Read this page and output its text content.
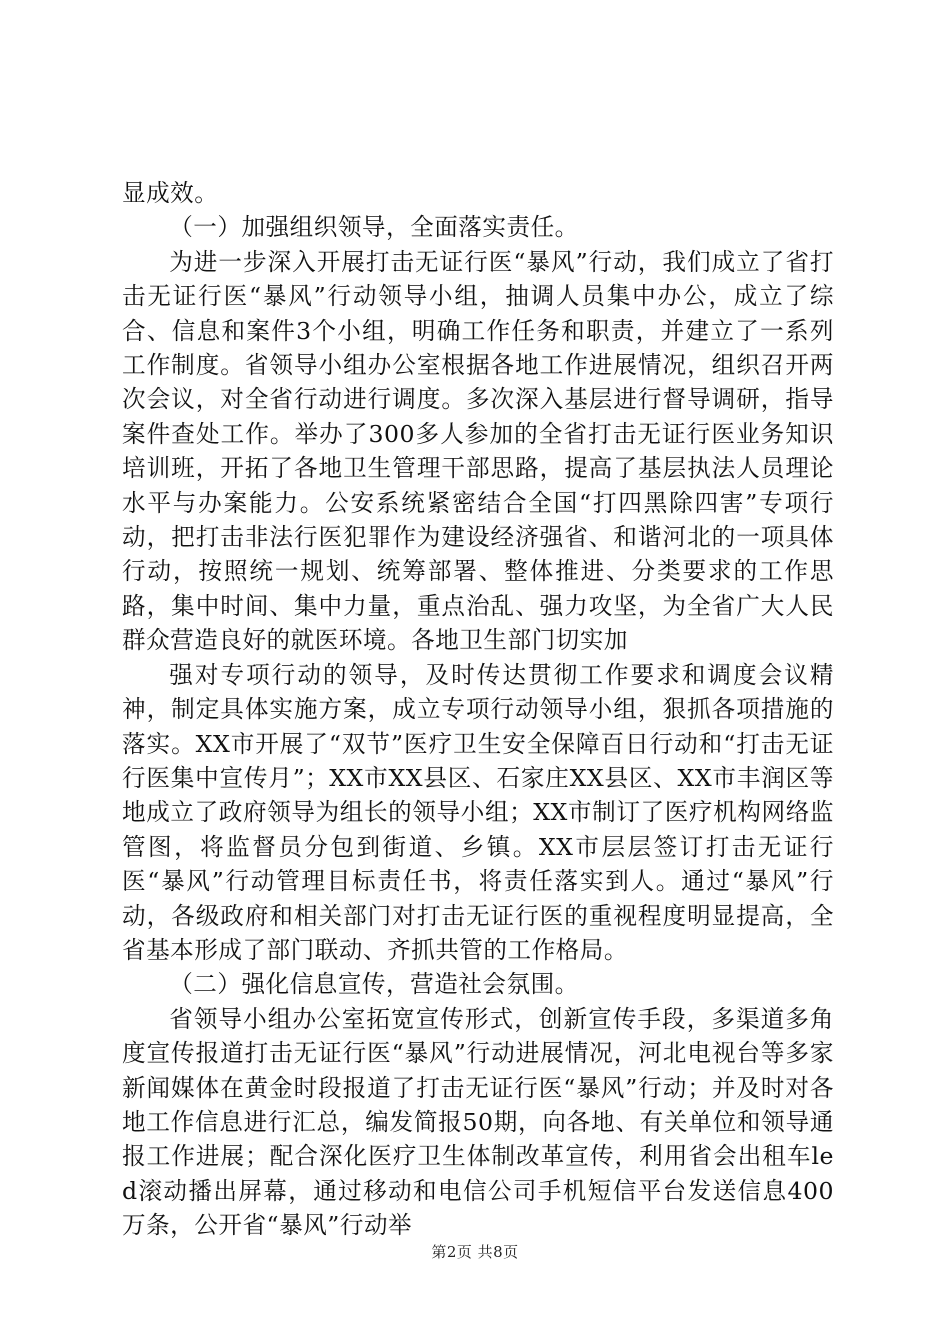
显成效。

（一）加强组织领导，全面落实责任。

为进一步深入开展打击无证行医“暴风”行动，我们成立了省打击无证行医“暴风”行动领导小组，抽调人员集中办公，成立了综合、信息和案件3个小组，明确工作任务和职责，并建立了一系列工作制度。省领导小组办公室根据各地工作进展情况，组织召开两次会议，对全省行动进行调度。多次深入基层进行督导调研，指导案件查处工作。举办了300多人参加的全省打击无证行医业务知识培训班，开拓了各地卫生管理干部思路，提高了基层执法人员理论水平与办案能力。公安系统紧密结合全国“打四黑除四害”专项行动，把打击非法行医犯罪作为建设经济强省、和谐河北的一项具体行动，按照统一规划、统筹部署、整体推进、分类要求的工作思路，集中时间、集中力量，重点治乱、强力攻坚，为全省广大人民群众营造良好的就医环境。各地卫生部门切实加

强对专项行动的领导，及时传达贯彻工作要求和调度会议精神，制定具体实施方案，成立专项行动领导小组，狠抓各项措施的落实。XX市开展了“双节”医疗卫生安全保障百日行动和“打击无证行医集中宣传月”；XX市XX县区、石家庄XX县区、XX市丰润区等地成立了政府领导为组长的领导小组；XX市制订了医疗机构网络监管图，将监督员分包到街道、乡镇。XX市层层签订打击无证行医“暴风”行动管理目标责任书，将责任落实到人。通过“暴风”行动，各级政府和相关部门对打击无证行医的重视程度明显提高，全省基本形成了部门联动、齐抓共管的工作格局。

（二）强化信息宣传，营造社会氛围。

省领导小组办公室拓宽宣传形式，创新宣传手段，多渠道多角度宣传报道打击无证行医“暴风”行动进展情况，河北电视台等多家新闻媒体在黄金时段报道了打击无证行医“暴风”行动；并及时对各地工作信息进行汇总，编发简报50期，向各地、有关单位和领导通报工作进展；配合深化医疗卫生体制改革宣传，利用省会出租车led滚动播出屏幕，通过移动和电信公司手机短信平台发送信息400万条，公开省“暴风”行动举

第2页 共8页
